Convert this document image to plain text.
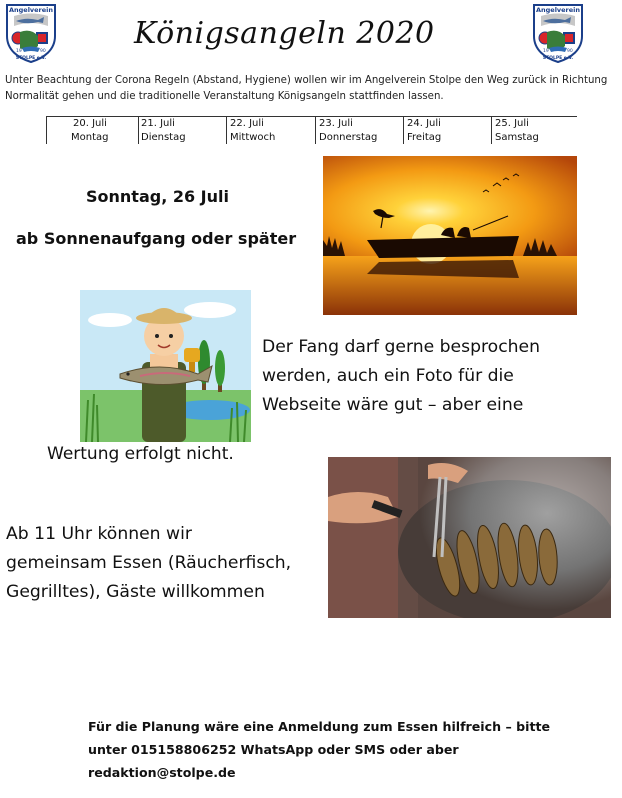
Angelverein
19	90
STOLPE e.V.
Angelverein
19	90
STOLPE e.V.
Königsangeln 2020
Unter Beachtung der Corona Regeln (Abstand, Hygiene) wollen wir im Angelverein Stolpe den Weg zurück in Richtung Normalität gehen und die traditionelle Veranstaltung Königsangeln stattfinden lassen.
20. Juli
Montag
21. Juli
Dienstag
22. Juli
Mittwoch
23. Juli
Donnerstag
24. Juli
Freitag
25. Juli
Samstag
Sonntag, 26 Juli
ab Sonnenaufgang oder später
Der Fang darf gerne besprochen
werden, auch ein Foto für die
Webseite wäre gut – aber eine
Wertung erfolgt nicht.
Ab 11 Uhr können wir
gemeinsam Essen (Räucherfisch,
Gegrilltes), Gäste willkommen
Für die Planung wäre eine Anmeldung zum Essen hilfreich – bitte
unter 015158806252 WhatsApp oder SMS oder aber
redaktion@stolpe.de
